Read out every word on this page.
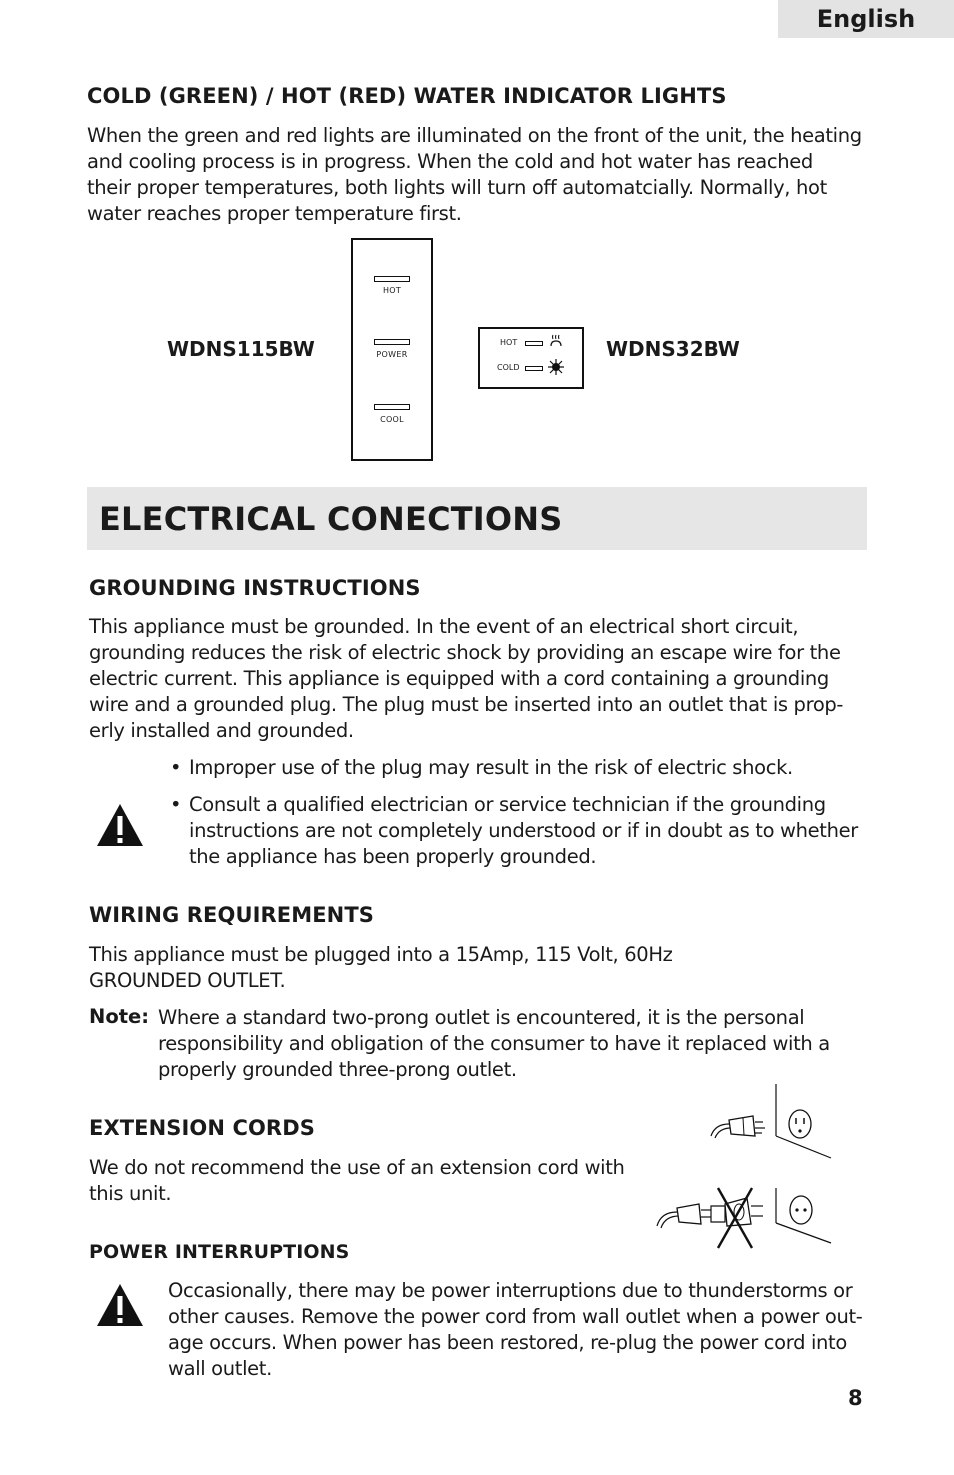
English
COLD (GREEN) / HOT (RED) WATER INDICATOR LIGHTS

When the green and red lights are illuminated on the front of the unit, the heating
and cooling process is in progress. When the cold and hot water has reached
their proper temperatures, both lights will turn off automatcially. Normally, hot
water reaches proper temperature first.

WDNS115BW
HOT
POWER
COOL
HOT
COLD
WDNS32BW
ELECTRICAL CONECTIONS
GROUNDING INSTRUCTIONS

This appliance must be grounded. In the event of an electrical short circuit,
grounding reduces the risk of electric shock by providing an escape wire for the
electric current. This appliance is equipped with a cord containing a grounding
wire and a grounded plug. The plug must be inserted into an outlet that is prop-
erly installed and grounded.

• Improper use of the plug may result in the risk of electric shock.
• Consult a qualified electrician or service technician if the grounding
instructions are not completely understood or if in doubt as to whether
the appliance has been properly grounded.
WIRING REQUIREMENTS

This appliance must be plugged into a 15Amp, 115 Volt, 60Hz
GROUNDED OUTLET.

Note: Where a standard two-prong outlet is encountered, it is the personal
responsibility and obligation of the consumer to have it replaced with a
properly grounded three-prong outlet.

EXTENSION CORDS

We do not recommend the use of an extension cord with
this unit.

POWER INTERRUPTIONS

Occasionally, there may be power interruptions due to thunderstorms or
other causes. Remove the power cord from wall outlet when a power out-
age occurs. When power has been restored, re-plug the power cord into
wall outlet.

8
